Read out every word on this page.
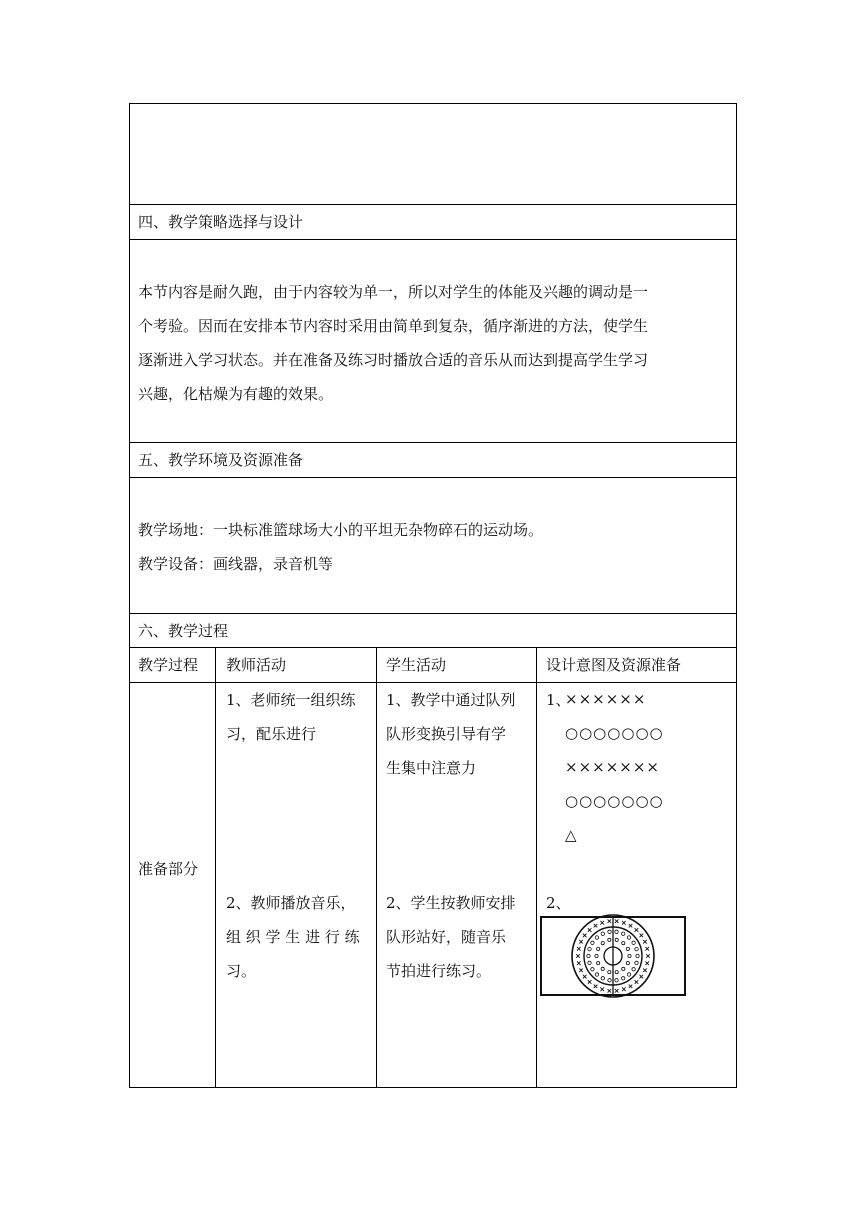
四、教学策略选择与设计
本节内容是耐久跑，由于内容较为单一，所以对学生的体能及兴趣的调动是一
个考验。因而在安排本节内容时采用由简单到复杂，循序渐进的方法，使学生
逐渐进入学习状态。并在准备及练习时播放合适的音乐从而达到提高学生学习
兴趣，化枯燥为有趣的效果。
五、教学环境及资源准备
教学场地：一块标准篮球场大小的平坦无杂物碎石的运动场。
教学设备：画线器，录音机等
六、教学过程
教学过程 教师活动	学生活动	设计意图及资源准备
准备部分
1、老师统一组织练
习，配乐进行
2、教师播放音乐，
组 织 学 生 进 行 练
习。
1、教学中通过队列
队形变换引导有学
生集中注意力
2、学生按教师安排
队形站好，随音乐
节拍进行练习。
1、
××××××
○○○○○○○
×××××××
○○○○○○○
△
2、
